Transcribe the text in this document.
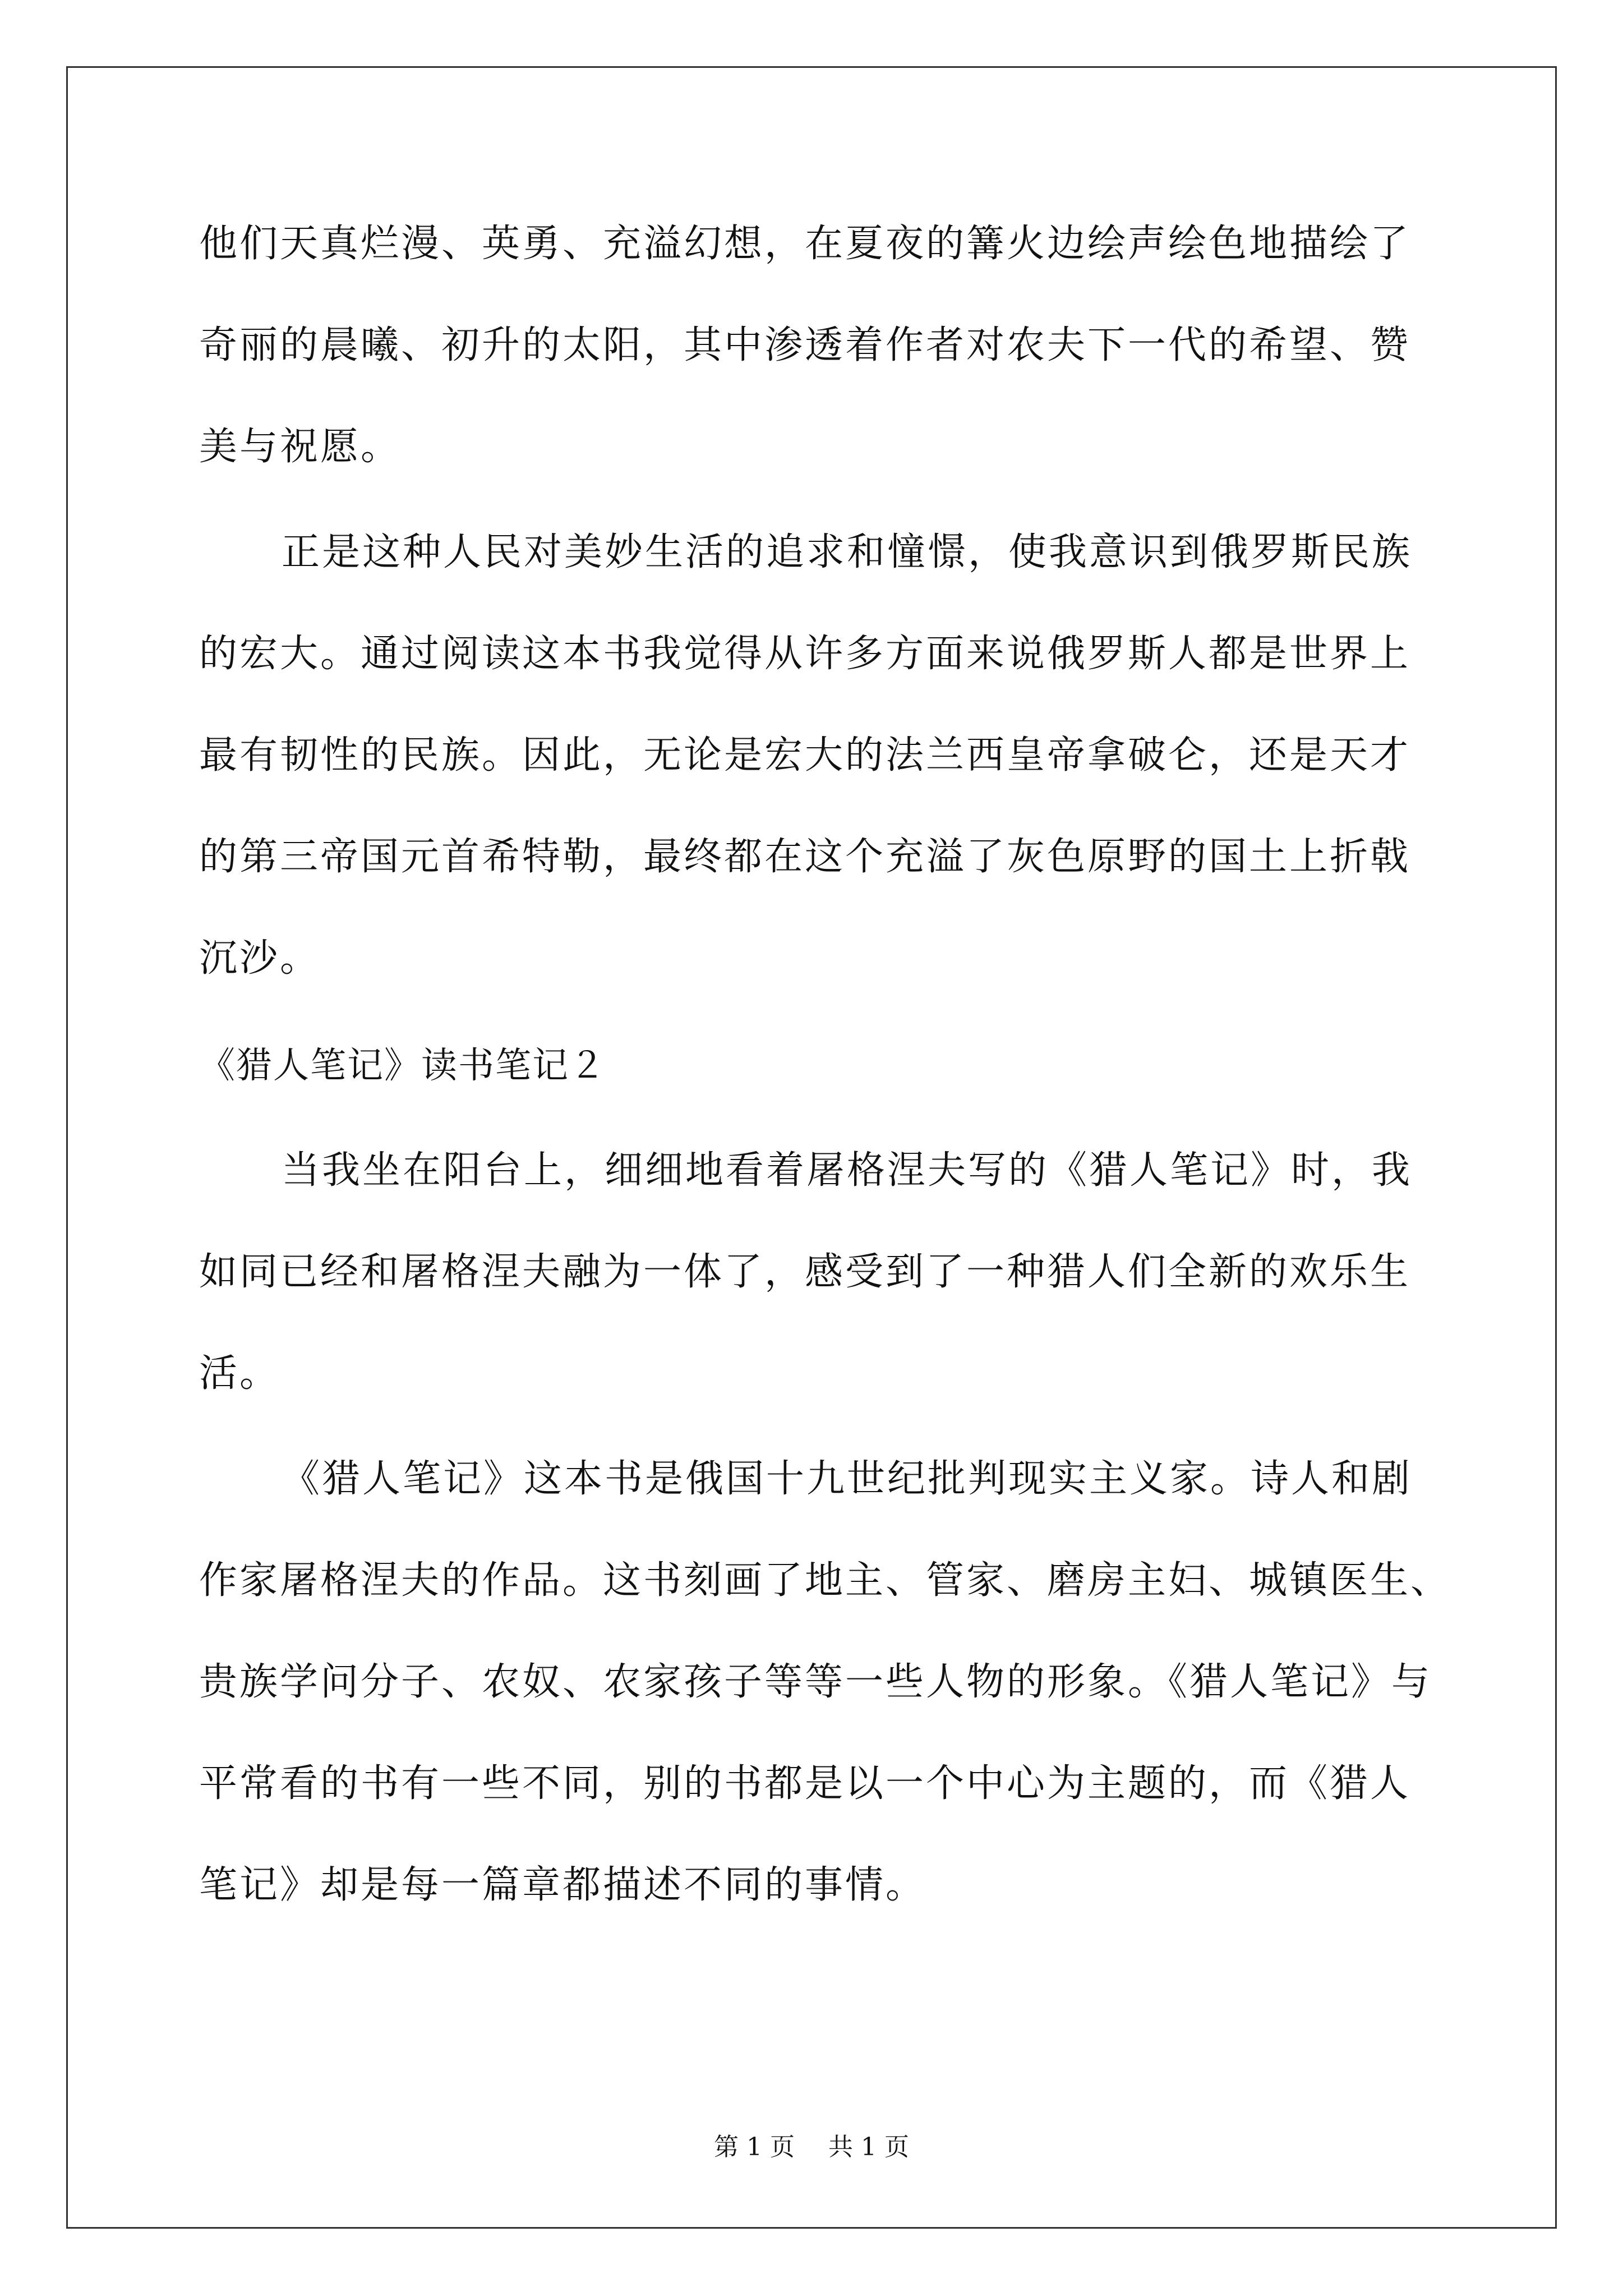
他们天真烂漫、英勇、充溢幻想，在夏夜的篝火边绘声绘色地描绘了
奇丽的晨曦、初升的太阳，其中渗透着作者对农夫下一代的希望、赞
美与祝愿。
正是这种人民对美妙生活的追求和憧憬，使我意识到俄罗斯民族
的宏大。通过阅读这本书我觉得从许多方面来说俄罗斯人都是世界上
最有韧性的民族。因此，无论是宏大的法兰西皇帝拿破仑，还是天才
的第三帝国元首希特勒，最终都在这个充溢了灰色原野的国土上折戟
沉沙。
《猎人笔记》读书笔记２
当我坐在阳台上，细细地看着屠格涅夫写的《猎人笔记》时，我
如同已经和屠格涅夫融为一体了，感受到了一种猎人们全新的欢乐生
活。
《猎人笔记》这本书是俄国十九世纪批判现实主义家。诗人和剧
作家屠格涅夫的作品。这书刻画了地主、管家、磨房主妇、城镇医生、
贵族学问分子、农奴、农家孩子等等一些人物的形象。《猎人笔记》与
平常看的书有一些不同，别的书都是以一个中心为主题的，而《猎人
笔记》却是每一篇章都描述不同的事情。
第 1 页 共 1 页
